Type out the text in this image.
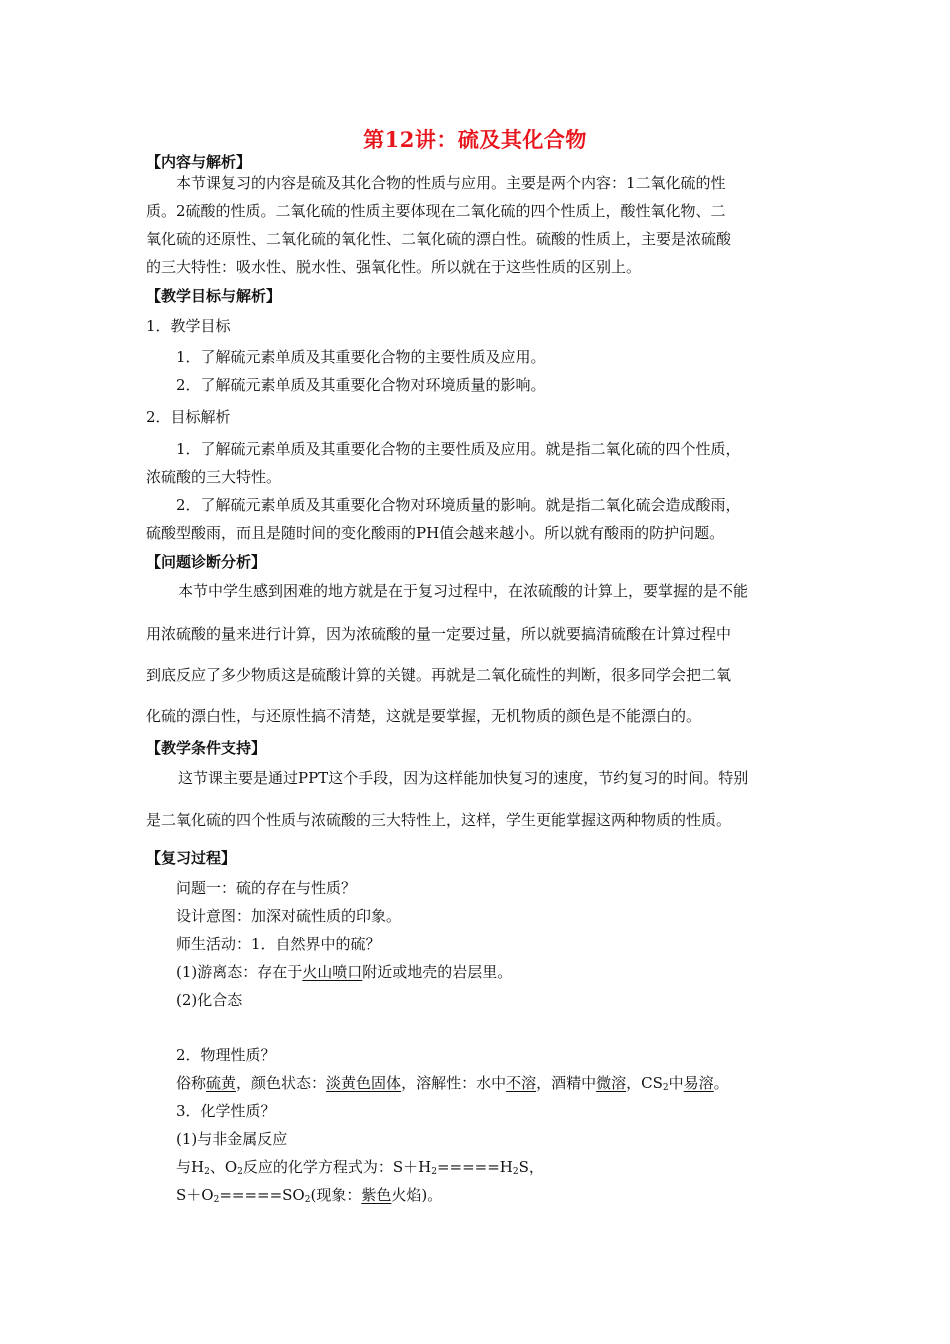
第12讲：硫及其化合物
【内容与解析】
本节课复习的内容是硫及其化合物的性质与应用。主要是两个内容：1二氧化硫的性
质。2硫酸的性质。二氧化硫的性质主要体现在二氧化硫的四个性质上，酸性氧化物、二
氧化硫的还原性、二氧化硫的氧化性、二氧化硫的漂白性。硫酸的性质上，主要是浓硫酸
的三大特性：吸水性、脱水性、强氧化性。所以就在于这些性质的区别上。
【教学目标与解析】
1．教学目标
1．了解硫元素单质及其重要化合物的主要性质及应用。
2．了解硫元素单质及其重要化合物对环境质量的影响。
2．目标解析
1．了解硫元素单质及其重要化合物的主要性质及应用。就是指二氧化硫的四个性质，
浓硫酸的三大特性。
2．了解硫元素单质及其重要化合物对环境质量的影响。就是指二氧化硫会造成酸雨，
硫酸型酸雨，而且是随时间的变化酸雨的PH值会越来越小。所以就有酸雨的防护问题。
【问题诊断分析】
本节中学生感到困难的地方就是在于复习过程中，在浓硫酸的计算上，要掌握的是不能
用浓硫酸的量来进行计算，因为浓硫酸的量一定要过量，所以就要搞清硫酸在计算过程中
到底反应了多少物质这是硫酸计算的关键。再就是二氧化硫性的判断，很多同学会把二氧
化硫的漂白性，与还原性搞不清楚，这就是要掌握，无机物质的颜色是不能漂白的。
【教学条件支持】
这节课主要是通过PPT这个手段，因为这样能加快复习的速度，节约复习的时间。特别
是二氧化硫的四个性质与浓硫酸的三大特性上，这样，学生更能掌握这两种物质的性质。
【复习过程】
问题一：硫的存在与性质？
设计意图：加深对硫性质的印象。
师生活动：1．自然界中的硫？
(1)游离态：存在于火山喷口附近或地壳的岩层里。
(2)化合态
2．物理性质？
俗称硫黄，颜色状态：淡黄色固体，溶解性：水中不溶，酒精中微溶，$CS_2$中易溶。
3．化学性质？
(1)与非金属反应
与$H_2$、$O_2$反应的化学方程式为：$S+H_2=====H_2S$，
$S+O_2=====SO_2$(现象：紫色火焰)。
